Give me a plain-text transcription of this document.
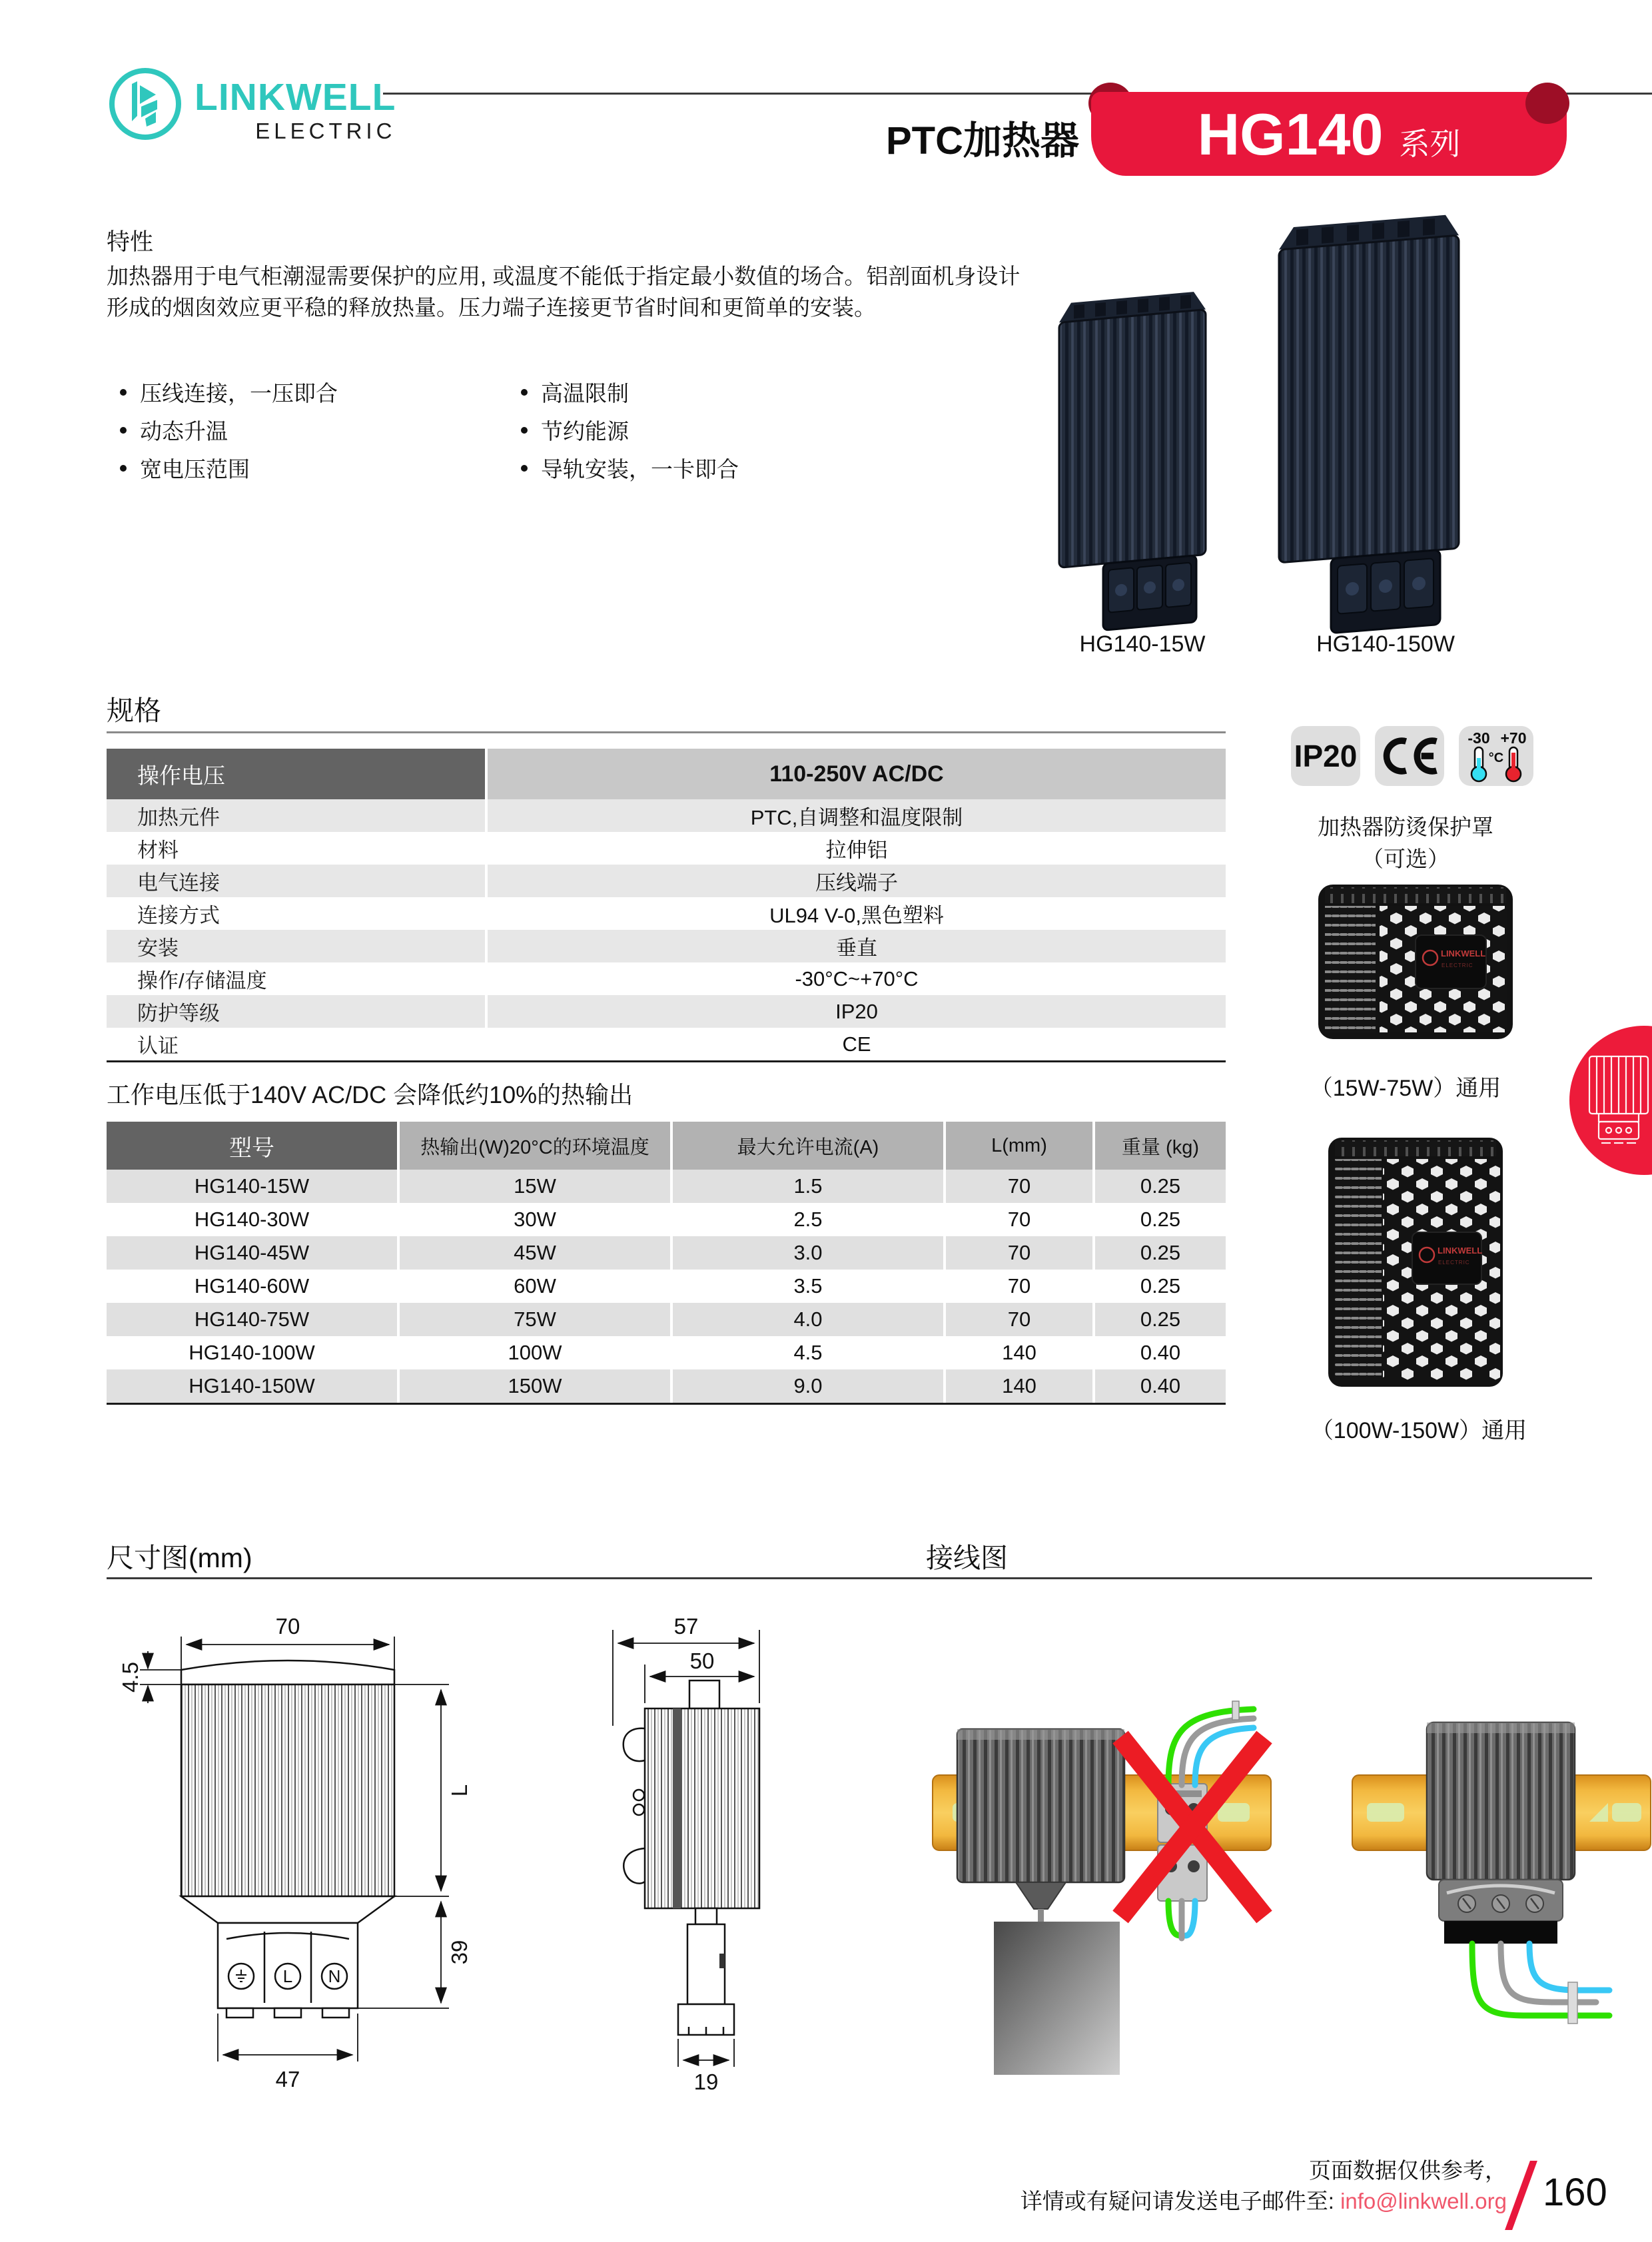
LINKWELL
ELECTRIC	PTC加热器 HG140 系列
特性
加热器用于电气柜潮湿需要保护的应用, 或温度不能低于指定最小数值的场合。铝剖面机身设计形成的烟囱效应更平稳的释放热量。压力端子连接更节省时间和更简单的安装。
压线连接，一压即合
动态升温
宽电压范围
高温限制
节约能源
导轨安装，一卡即合
HG140-15W	HG140-150W
规格
操作电压	110-250V AC/DC
加热元件	PTC,自调整和温度限制
材料	拉伸铝
电气连接	压线端子
连接方式	UL94 V-0,黑色塑料
安装	垂直
操作/存储温度	-30°C~+70°C
防护等级	IP20
认证	CE
工作电压低于140V AC/DC 会降低约10%的热输出
型号	热输出(W)20°C的环境温度	最大允许电流(A)	L(mm)	重量 (kg)
HG140-15W	15W	1.5	70	0.25
HG140-30W	30W	2.5	70	0.25
HG140-45W	45W	3.0	70	0.25
HG140-60W	60W	3.5	70	0.25
HG140-75W	75W	4.0	70	0.25
HG140-100W	100W	4.5	140	0.40
HG140-150W	150W	9.0	140	0.40
IP20
-30 +70
°C
加热器防烫保护罩
（可选）
LINKWELL
ELECTRIC
（15W-75W）通用
LINKWELL
ELECTRIC
（100W-150W）通用
尺寸图(mm)	接线图
L N
70
4.5
L
39
47
57
50
19
页面数据仅供参考，
详情或有疑问请发送电子邮件至: info@linkwell.org 160
